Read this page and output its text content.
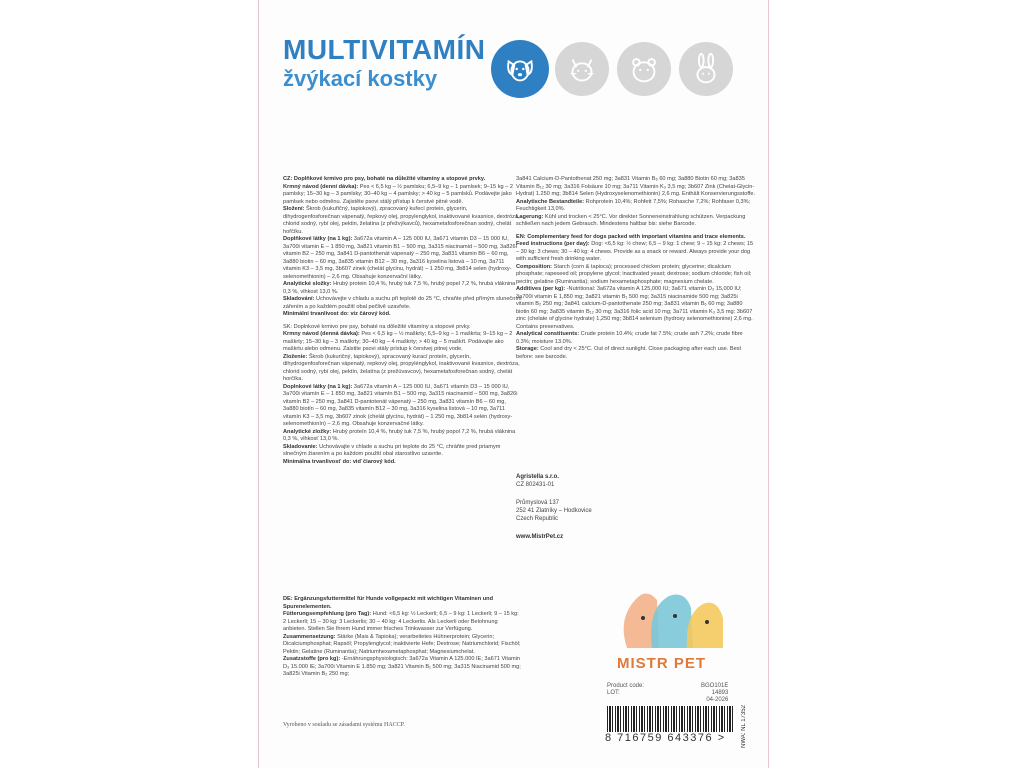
MULTIVITAMÍN
žvýkací kostky

CZ: Doplňkové krmivo pro psy, bohaté na důležité vitamíny a stopové prvky.
Krmný návod (denní dávka): Pes < 6,5 kg – ½ pamlsku; 6,5–9 kg – 1 pamlsek; 9–15 kg – 2 pamlsky; 15–30 kg – 3 pamlsky; 30–40 kg – 4 pamlsky; > 40 kg – 5 pamlsků. Podávejte jako pamlsek nebo odměnu. Zajistěte psovi stálý přístup k čerstvé pitné vodě.
Složení: Škrob (kukuřičný, tapiokový), zpracovaný kuřecí protein, glycerin, dihydrogenfosforečnan vápenatý, řepkový olej, propylenglykol, inaktivované kvasnice, dextróza, chlorid sodný, rybí olej, pektin, želatina (z přežvýkavců), hexametafosforečnan sodný, chelát hořčíku.
Doplňkové látky (na 1 kg): 3a672a vitamin A – 125 000 IU, 3a671 vitamin D3 – 15 000 IU, 3a700i vitamin E – 1 850 mg, 3a821 vitamin B1 – 500 mg, 3a315 niacinamid – 500 mg, 3a826i vitamin B2 – 250 mg, 3a841 D-pantothenát vápenatý – 250 mg, 3a831 vitamin B6 – 60 mg, 3a880 biotin – 60 mg, 3a835 vitamin B12 – 30 mg, 3a316 kyselina listová – 10 mg, 3a711 vitamin K3 – 3,5 mg, 3b607 zinek (chelát glycinu, hydrát) – 1 250 mg, 3b814 selen (hydroxy-selenomethionin) – 2,6 mg. Obsahuje konzervační látky.
Analytické složky: Hrubý protein 10,4 %, hrubý tuk 7,5 %, hrubý popel 7,2 %, hrubá vláknina 0,3 %, vlhkost 13,0 %.
Skladování: Uchovávejte v chladu a suchu při teplotě do 25 °C, chraňte před přímým slunečním zářením a po každém použití obal pečlivě uzavřete.
Minimální trvanlivost do: viz čárový kód.

SK: Doplnkové krmivo pre psy, bohaté na dôležité vitamíny a stopové prvky.
Krmny návod (denná dávka): Pes < 6,5 kg – ½ maškrty; 6,5–9 kg – 1 maškrta; 9–15 kg – 2 maškrty; 15–30 kg – 3 maškrty; 30–40 kg – 4 maškrty; > 40 kg – 5 maškŕt. Podávajte ako maškrtu alebo odmenu. Zaistite psovi stály prístup k čerstvej pitnej vode.
Zloženie: Škrob (kukuričný, tapiokový), spracovaný kurací proteín, glycerín, dihydrogenfosforečnan vápenatý, repkový olej, propylénglykol, inaktivované kvasnice, dextróza, chlorid sodný, rybí olej, pektín, želatína (z prežúvavcov), hexametafosforečnan sodný, chelát horčíka.
Doplnkové látky (na 1 kg): 3a672a vitamín A – 125 000 IU, 3a671 vitamín D3 – 15 000 IU, 3a700i vitamín E – 1 850 mg, 3a821 vitamín B1 – 500 mg, 3a315 niacinamid – 500 mg, 3a826i vitamín B2 – 250 mg, 3a841 D-pantotenát vápenatý – 250 mg, 3a831 vitamín B6 – 60 mg, 3a880 biotín – 60 mg, 3a835 vitamín B12 – 30 mg, 3a316 kyselina listová – 10 mg, 3a711 vitamín K3 – 3,5 mg, 3b607 zinok (chelát glycínu, hydrát) – 1 250 mg, 3b814 selén (hydroxy-selenomethionín) – 2,6 mg. Obsahuje konzervačné látky.
Analytické zložky: Hrubý proteín 10,4 %, hrubý tuk 7,5 %, hrubý popol 7,2 %, hrubá vláknina 0,3 %, vlhkosť 13,0 %.
Skladovanie: Uchovávajte v chlade a suchu pri teplote do 25 °C, chráňte pred priamym slnečným žiarením a po každom použití obal starostlivo uzavrite.
Minimálna trvanlivosť do: viď čiarový kód.

DE: Ergänzungsfuttermittel für Hunde vollgepackt mit wichtigen Vitaminen und Spurenelementen.
Fütterungsempfehlung (pro Tag): Hund: <6,5 kg: ½ Leckerli; 6,5 – 9 kg: 1 Leckerli; 9 – 15 kg: 2 Leckerli; 15 – 30 kg: 3 Leckerlis; 30 – 40 kg: 4 Leckerlis. Als Leckerli oder Belohnung anbieten. Stellen Sie Ihrem Hund immer frisches Trinkwasser zur Verfügung.
Zusammensetzung: Stärke (Mais & Tapioka); verarbeitetes Hühnerprotein; Glycerin; Dicalciumphosphat; Rapsöl; Propylenglycol; inaktivierte Hefe; Dextrose; Natriumchlorid; Fischöl; Pektin; Gelatine (Ruminantia); Natriumhexametaphosphat; Magnesiumchelat.
Zusatzstoffe (pro kg): -Ernährungsphysiologisch: 3a672a Vitamin A 125.000 IE; 3a671 Vitamin D₃ 15.000 IE; 3a700i Vitamin E 1.850 mg; 3a821 Vitamin B₁ 500 mg; 3a315 Niacinamid 500 mg; 3a825i Vitamin B₂ 250 mg;

3a841 Calcium-D-Pantothenat 250 mg; 3a831 Vitamin B₆ 60 mg; 3a880 Biotin 60 mg; 3a835 Vitamin B₁₂ 30 mg; 3a316 Folsäure 10 mg; 3a711 Vitamin K₃ 3,5 mg; 3b607 Zink (Chelat-Glycin-Hydrat) 1.250 mg; 3b814 Selen (Hydroxyselenomethionin) 2,6 mg. Enthält Konservierungsstoffe.
Analytische Bestandteile: Rohprotein 10,4%; Rohfett 7,5%; Rohasche 7,2%; Rohfaser 0,3%; Feuchtigkeit 13,0%.
Lagerung: Kühl und trocken < 25°C. Vor direkter Sonneneinstrahlung schützen. Verpackung schließen nach jedem Gebrauch. Mindestens haltbar bis: siehe Barcode.

EN: Complementary feed for dogs packed with important vitamins and trace elements.
Feed instructions (per day): Dog: <6,5 kg: ½ chew; 6,5 – 9 kg: 1 chew; 9 – 15 kg: 2 chews; 15 – 30 kg: 3 chews; 30 – 40 kg: 4 chews. Provide as a snack or reward. Always provide your dog with sufficient fresh drinking water.
Composition: Starch (corn & tapioca); processed chicken protein; glycerine; dicalcium phosphate; rapeseed oil; propylene glycol; inactivated yeast; dextrose; sodium chloride; fish oil; pectin; gelatine (Ruminantia); sodium hexametaphosphate; magnesium chelate.
Additives (per kg): -Nutritional: 3a672a vitamin A 125,000 IU; 3a671 vitamin D₃ 15,000 IU; 3a700i vitamin E 1,850 mg; 3a821 vitamin B₁ 500 mg; 3a315 niacinamide 500 mg; 3a825i vitamin B₂ 250 mg; 3a841 calcium-D-pantothenate 250 mg; 3a831 vitamin B₆ 60 mg; 3a880 biotin 60 mg; 3a835 vitamin B₁₂ 30 mg; 3a316 folic acid 10 mg; 3a711 vitamin K₃ 3,5 mg; 3b607 zinc (chelate of glycine hydrate) 1,250 mg; 3b814 selenium (hydroxy selenomethionine) 2,6 mg. Contains preservatives.
Analytical constituents: Crude protein 10.4%; crude fat 7.5%; crude ash 7.2%; crude fibre 0.3%; moisture 13.0%.
Storage: Cool and dry < 25°C. Out of direct sunlight. Close packaging after each use. Best before: see barcode.

Agristella s.r.o.
CZ 802431-01
Průmyslová 137
252 41 Zlatníky – Hodkovice
Czech Republic
www.MistrPet.cz
MISTR PET
Product code:
LOT:
BGO101E
14893
04-2026
NWA: NL 17352
8 716759 643376 >
Vyrobeno v souladu se zásadami systému HACCP.
